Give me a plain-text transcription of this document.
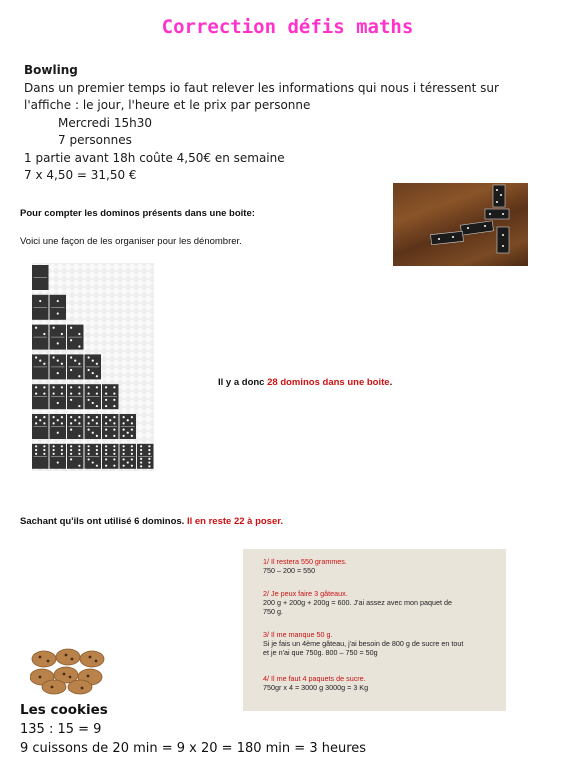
Correction défis maths
Bowling
Dans un premier temps io faut relever les informations qui nous i téressent sur
l'affiche : le jour, l'heure et le prix par personne
Mercredi 15h30
7 personnes
1 partie avant 18h coûte 4,50€ en semaine
7 x 4,50 = 31,50 €
Pour compter les dominos présents dans une boite:
Voici une façon de les organiser pour les dénombrer.
Il y a donc 28 dominos dans une boite.
Sachant qu'ils ont utilisé 6 dominos. Il en reste 22 à poser.
1/ Il restera 550 grammes.
750 – 200 = 550
2/ Je peux faire 3 gâteaux.
200 g + 200g + 200g = 600. J'ai assez avec mon paquet de
750 g.
3/ Il me manque 50 g.
Si je fais un 4ème gâteau, j'ai besoin de 800 g de sucre en tout
et je n'ai que 750g. 800 – 750 = 50g
4/ Il me faut 4 paquets de sucre.
750gr x 4 = 3000 g 3000g = 3 Kg
Les cookies
135 : 15 = 9
9 cuissons de 20 min = 9 x 20 = 180 min = 3 heures
